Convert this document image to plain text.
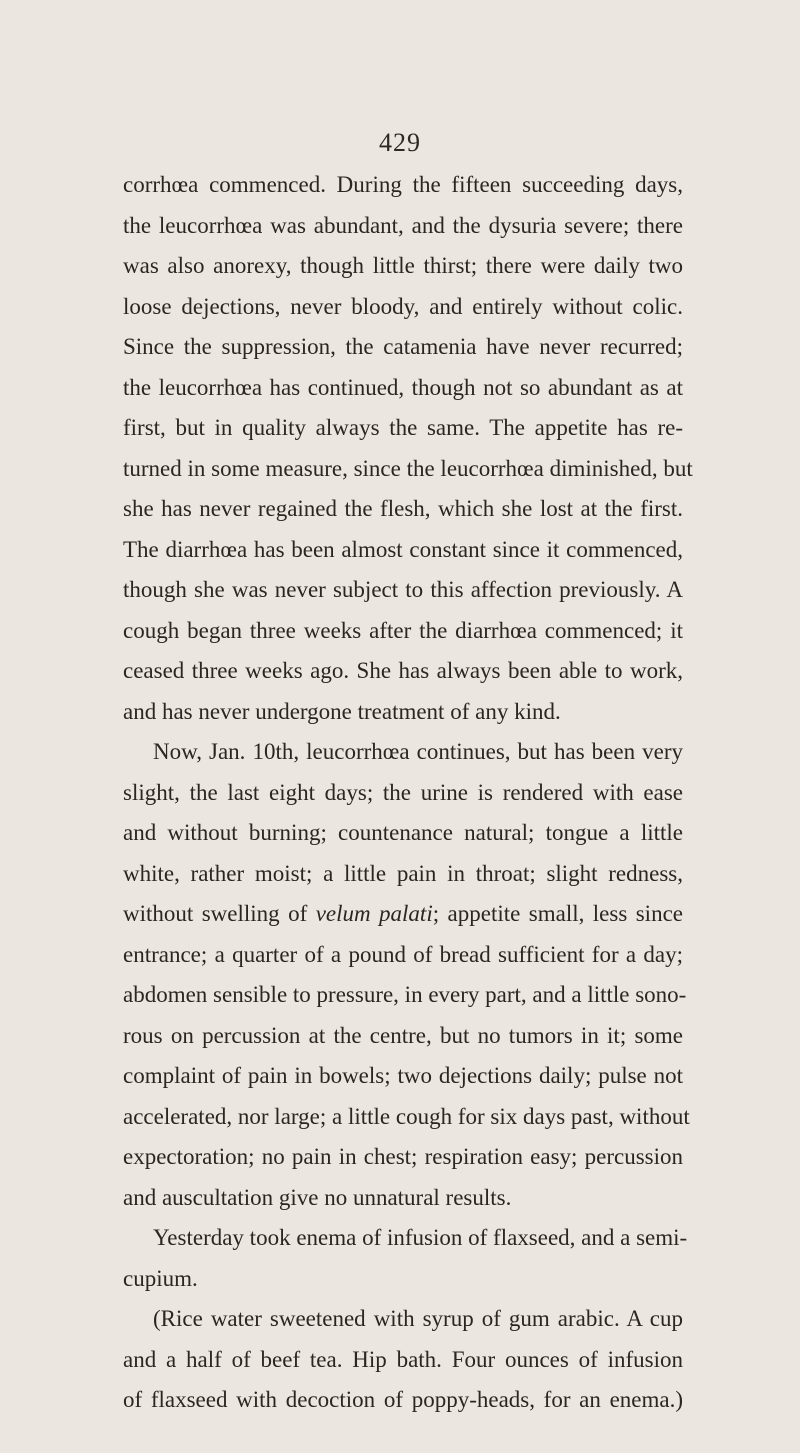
429
corrhœa commenced. During the fifteen succeeding days,
the leucorrhœa was abundant, and the dysuria severe; there
was also anorexy, though little thirst; there were daily two
loose dejections, never bloody, and entirely without colic.
Since the suppression, the catamenia have never recurred;
the leucorrhœa has continued, though not so abundant as at
first, but in quality always the same. The appetite has re-
turned in some measure, since the leucorrhœa diminished, but
she has never regained the flesh, which she lost at the first.
The diarrhœa has been almost constant since it commenced,
though she was never subject to this affection previously. A
cough began three weeks after the diarrhœa commenced; it
ceased three weeks ago. She has always been able to work,
and has never undergone treatment of any kind.
Now, Jan. 10th, leucorrhœa continues, but has been very
slight, the last eight days; the urine is rendered with ease
and without burning; countenance natural; tongue a little
white, rather moist; a little pain in throat; slight redness,
without swelling of velum palati; appetite small, less since
entrance; a quarter of a pound of bread sufficient for a day;
abdomen sensible to pressure, in every part, and a little sono-
rous on percussion at the centre, but no tumors in it; some
complaint of pain in bowels; two dejections daily; pulse not
accelerated, nor large; a little cough for six days past, without
expectoration; no pain in chest; respiration easy; percussion
and auscultation give no unnatural results.
Yesterday took enema of infusion of flaxseed, and a semi-
cupium.
(Rice water sweetened with syrup of gum arabic. A cup
and a half of beef tea. Hip bath. Four ounces of infusion
of flaxseed with decoction of poppy-heads, for an enema.)
